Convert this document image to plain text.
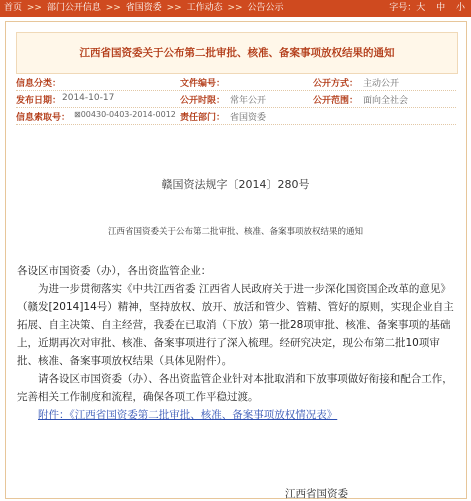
首页 >> 部门公开信息 >> 省国资委 >> 工作动态 >> 公告公示	字号：大 中 小
江西省国资委关于公布第二批审批、核准、备案事项放权结果的通知
信息分类：	文件编号：	公开方式： 主动公开
发布日期： 2014-10-17	公开时限： 常年公开	公开范围： 面向全社会
信息索取号： ⊠00430-0403-2014-0012 责任部门： 省国资委
赣国资法规字〔2014〕280号
江西省国资委关于公布第二批审批、核准、备案事项放权结果的通知

各设区市国资委（办），各出资监管企业：

为进一步贯彻落实《中共江西省委 江西省人民政府关于进一步深化国资国企改革的意见》（赣发[2014]14号）精神，坚持放权、放开、放活和管少、管精、管好的原则，实现企业自主拓展、自主决策、自主经营，我委在已取消（下放）第一批28项审批、核准、备案事项的基础上，近期再次对审批、核准、备案事项进行了深入梳理。经研究决定，现公布第二批10项审批、核准、备案事项放权结果（具体见附件）。

请各设区市国资委（办）、各出资监管企业针对本批取消和下放事项做好衔接和配合工作，完善相关工作制度和流程，确保各项工作平稳过渡。

附件：《江西省国资委第二批审批、核准、备案事项放权情况表》

江西省国资委
